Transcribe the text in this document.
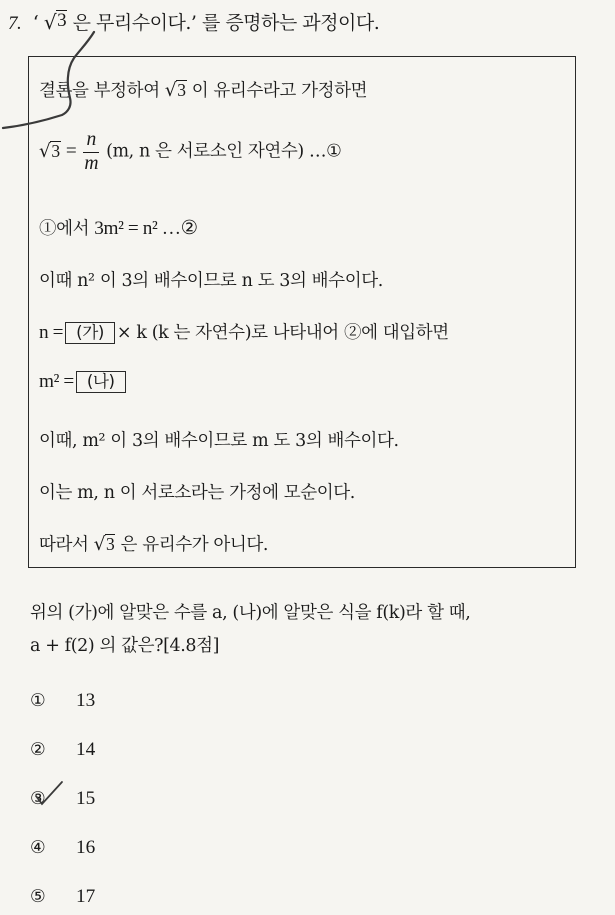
7. ‘ √ 3 은 무리수이다.’ 를 증명하는 과정이다.
결론을 부정하여 √ 3 이 유리수라고 가정하면
√ $3 = \frac{n}{m} (m$, n 은 서로소인 자연수) …①
①에서 3m² = n² …②
이때 n² 이 3의 배수이므로 n 도 3의 배수이다.
n = (가) × k (k 는 자연수)로 나타내어 ②에 대입하면
m² = (나)
이때, m² 이 3의 배수이므로 m 도 3의 배수이다.
이는 m, n 이 서로소라는 가정에 모순이다.
따라서 √ 3 은 유리수가 아니다.
위의 (가)에 알맞은 수를 a, (나)에 알맞은 식을 f(k)라 할 때,
a + f(2) 의 값은?[4.8점]
① 13
② 14
③ 15
④ 16
⑤ 17
